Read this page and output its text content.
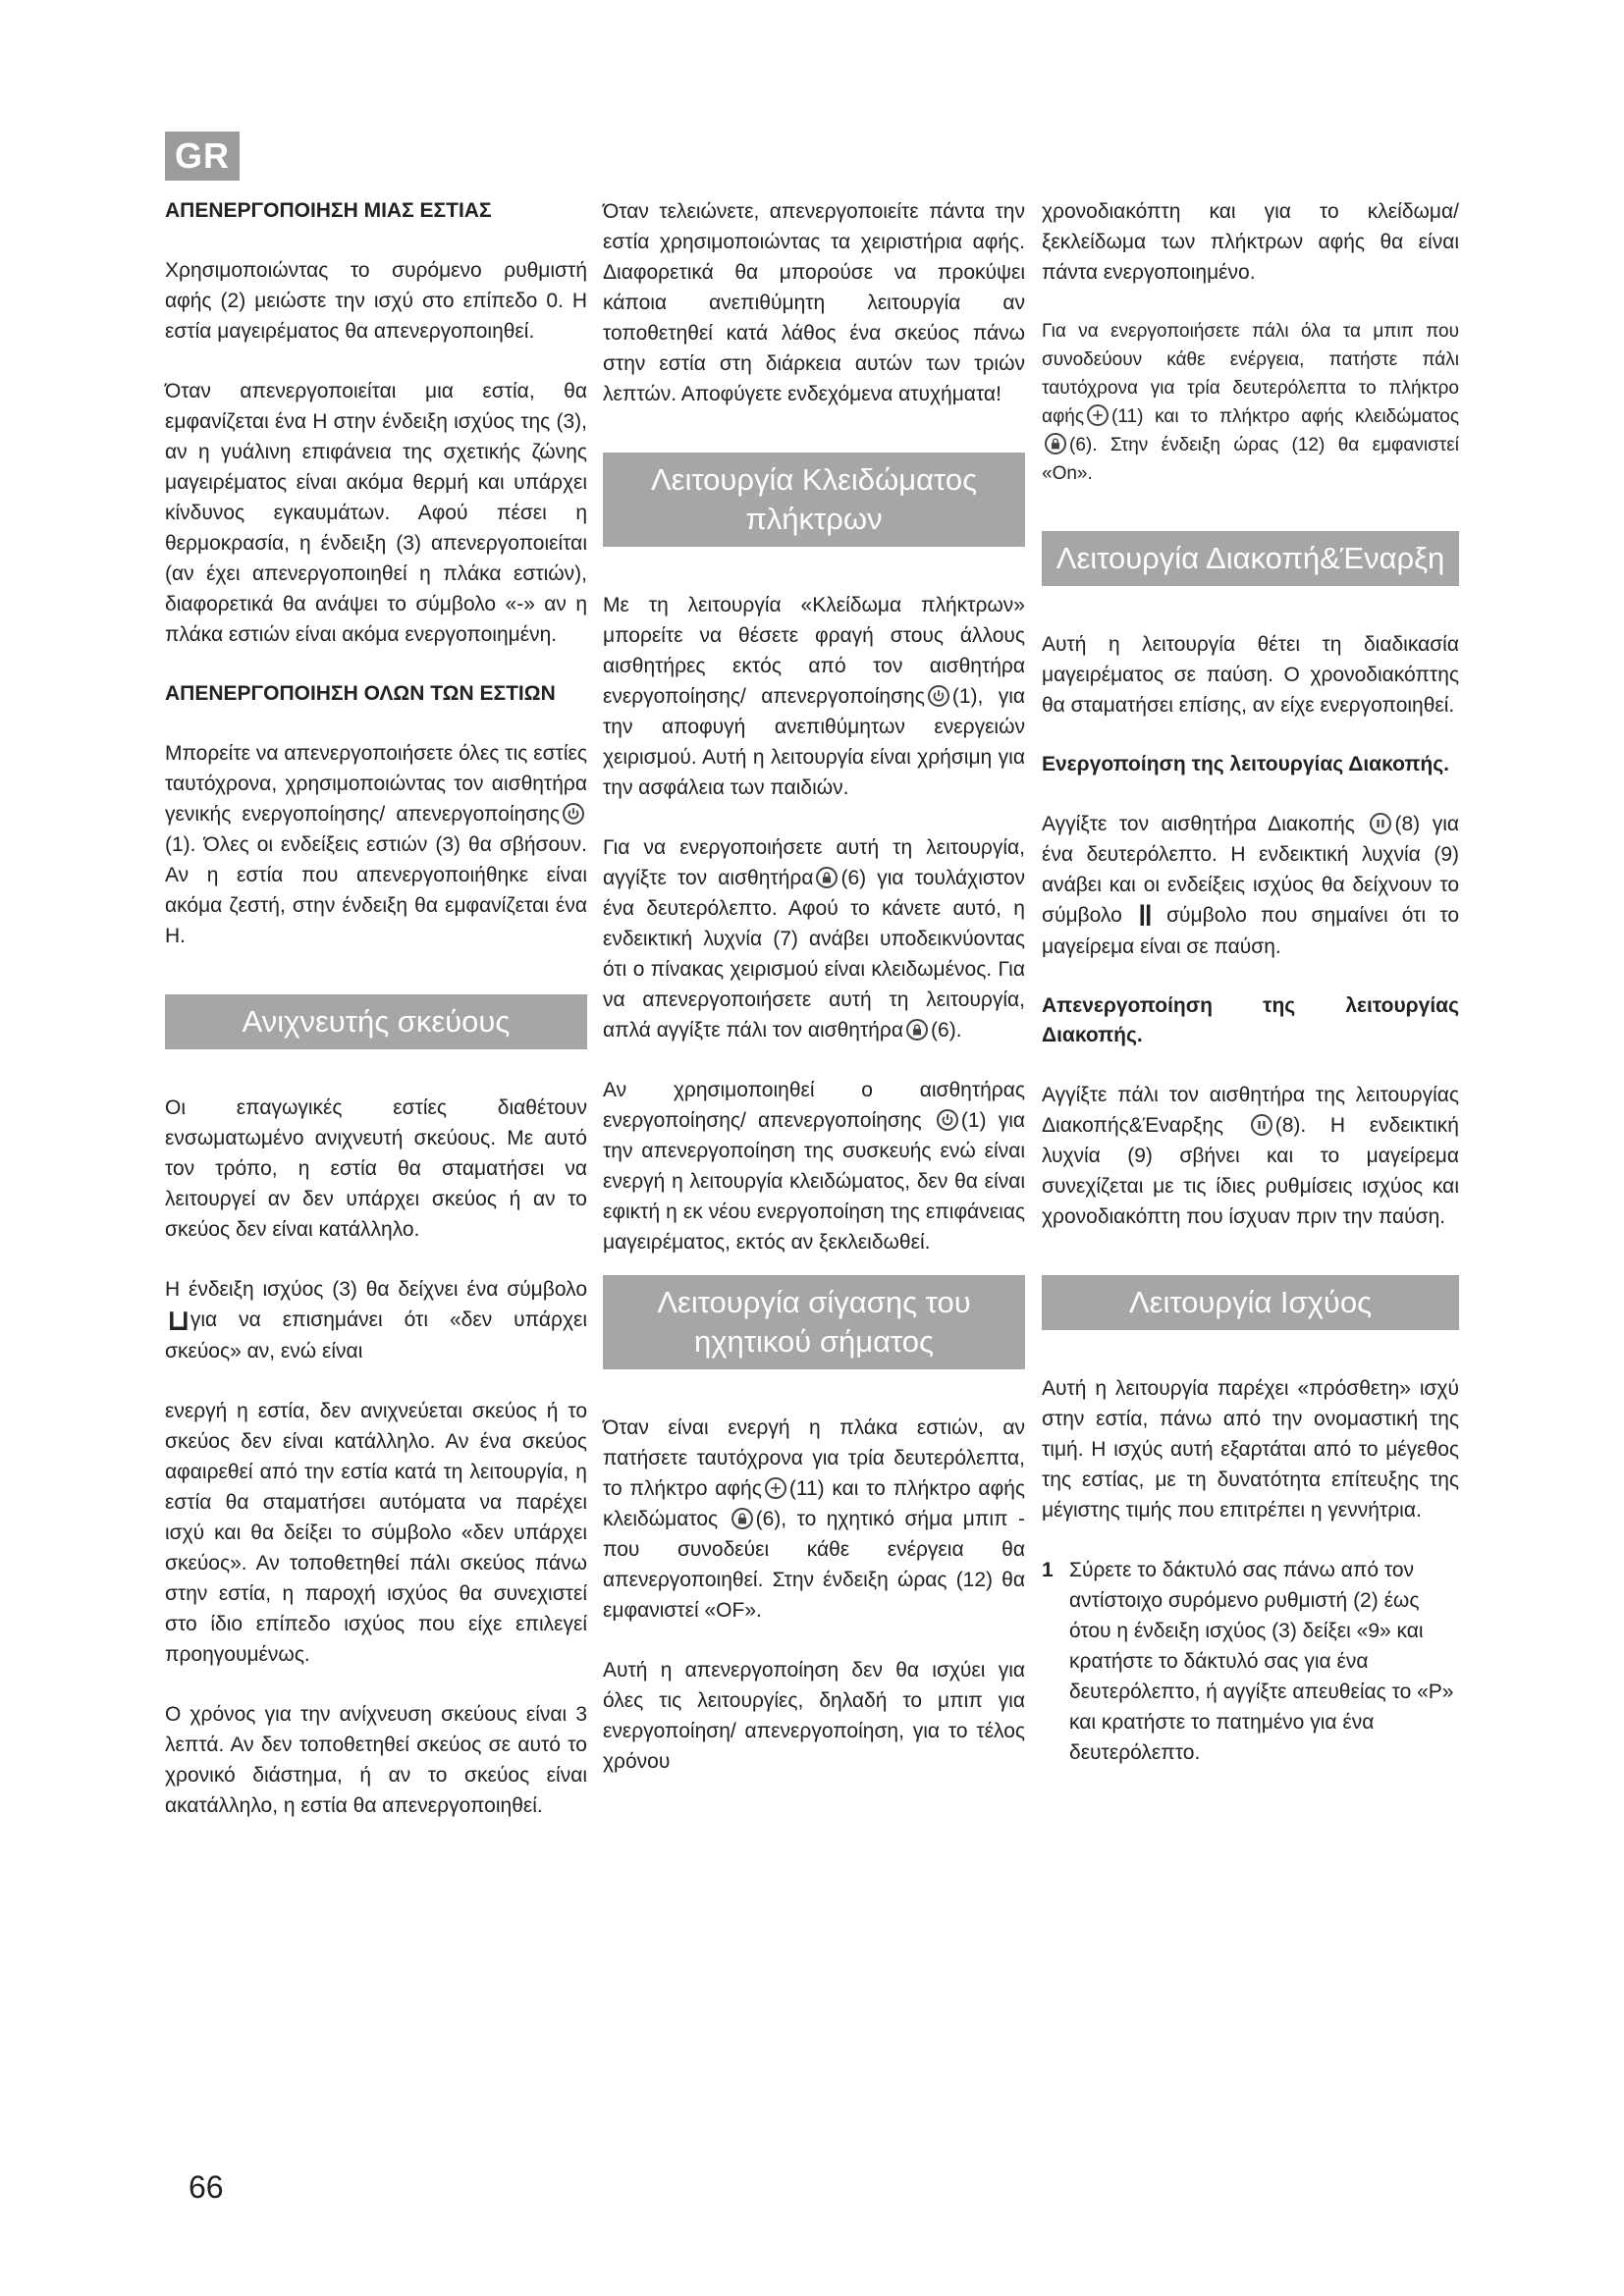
GR

ΑΠΕΝΕΡΓΟΠΟΙΗΣΗ ΜΙΑΣ ΕΣΤΙΑΣ

Χρησιμοποιώντας το συρόμενο ρυθμιστή αφής (2) μειώστε την ισχύ στο επίπεδο 0. Η εστία μαγειρέματος θα απενεργοποιηθεί.

Όταν απενεργοποιείται μια εστία, θα εμφανίζεται ένα H στην ένδειξη ισχύος της (3), αν η γυάλινη επιφάνεια της σχετικής ζώνης μαγειρέματος είναι ακόμα θερμή και υπάρχει κίνδυνος εγκαυμάτων. Αφού πέσει η θερμοκρασία, η ένδειξη (3) απενεργοποιείται (αν έχει απενεργοποιηθεί η πλάκα εστιών), διαφορετικά θα ανάψει το σύμβολο «-» αν η πλάκα εστιών είναι ακόμα ενεργοποιημένη.

ΑΠΕΝΕΡΓΟΠΟΙΗΣΗ ΟΛΩΝ ΤΩΝ ΕΣΤΙΩΝ

Μπορείτε να απενεργοποιήσετε όλες τις εστίες ταυτόχρονα, χρησιμοποιώντας τον αισθητήρα γενικής ενεργοποίησης/ απενεργοποίησης
(1). Όλες οι ενδείξεις εστιών (3) θα σβήσουν. Αν η εστία που απενεργοποιήθηκε είναι ακόμα ζεστή, στην ένδειξη θα εμφανίζεται ένα H.

Ανιχνευτής σκεύους

Οι επαγωγικές εστίες διαθέτουν ενσωματωμένο ανιχνευτή σκεύους. Με αυτό τον τρόπο, η εστία θα σταματήσει να λειτουργεί αν δεν υπάρχει σκεύος ή αν το σκεύος δεν είναι κατάλληλο.

Η ένδειξη ισχύος (3) θα δείχνει ένα σύμβολο⊔για να επισημάνει ότι «δεν υπάρχει σκεύος» αν, ενώ είναι

ενεργή η εστία, δεν ανιχνεύεται σκεύος ή το σκεύος δεν είναι κατάλληλο. Αν ένα σκεύος αφαιρεθεί από την εστία κατά τη λειτουργία, η εστία θα σταματήσει αυτόματα να παρέχει ισχύ και θα δείξει το σύμβολο «δεν υπάρχει σκεύος». Αν τοποθετηθεί πάλι σκεύος πάνω στην εστία, η παροχή ισχύος θα συνεχιστεί στο ίδιο επίπεδο ισχύος που είχε επιλεγεί προηγουμένως.

Ο χρόνος για την ανίχνευση σκεύους είναι 3 λεπτά. Αν δεν τοποθετηθεί σκεύος σε αυτό το χρονικό διάστημα, ή αν το σκεύος είναι ακατάλληλο, η εστία θα απενεργοποιηθεί.

Όταν τελειώνετε, απενεργοποιείτε πάντα την εστία χρησιμοποιώντας τα χειριστήρια αφής. Διαφορετικά θα μπορούσε να προκύψει κάποια ανεπιθύμητη λειτουργία αν τοποθετηθεί κατά λάθος ένα σκεύος πάνω στην εστία στη διάρκεια αυτών των τριών λεπτών. Αποφύγετε ενδεχόμενα ατυχήματα!

Λειτουργία Κλειδώματος πλήκτρων

Με τη λειτουργία «Κλείδωμα πλήκτρων» μπορείτε να θέσετε φραγή στους άλλους αισθητήρες εκτός από τον αισθητήρα ενεργοποίησης/ απενεργοποίησης (1), για την αποφυγή ανεπιθύμητων ενεργειών χειρισμού. Αυτή η λειτουργία είναι χρήσιμη για την ασφάλεια των παιδιών.

Για να ενεργοποιήσετε αυτή τη λειτουργία, αγγίξτε τον αισθητήρα (6) για τουλάχιστον ένα δευτερόλεπτο. Αφού το κάνετε αυτό, η ενδεικτική λυχνία (7) ανάβει υποδεικνύοντας ότι ο πίνακας χειρισμού είναι κλειδωμένος. Για να απενεργοποιήσετε αυτή τη λειτουργία, απλά αγγίξτε πάλι τον αισθητήρα (6).

Αν χρησιμοποιηθεί ο αισθητήρας ενεργοποίησης/ απενεργοποίησης (1) για την απενεργοποίηση της συσκευής ενώ είναι ενεργή η λειτουργία κλειδώματος, δεν θα είναι εφικτή η εκ νέου ενεργοποίηση της επιφάνειας μαγειρέματος, εκτός αν ξεκλειδωθεί.

Λειτουργία σίγασης του ηχητικού σήματος

Όταν είναι ενεργή η πλάκα εστιών, αν πατήσετε ταυτόχρονα για τρία δευτερόλεπτα, το πλήκτρο αφής (11) και το πλήκτρο αφής κλειδώματος (6), το ηχητικό σήμα μπιπ - που συνοδεύει κάθε ενέργεια θα απενεργοποιηθεί. Στην ένδειξη ώρας (12) θα εμφανιστεί «OF».

Αυτή η απενεργοποίηση δεν θα ισχύει για όλες τις λειτουργίες, δηλαδή το μπιπ για ενεργοποίηση/ απενεργοποίηση, για το τέλος χρόνου

χρονοδιακόπτη και για το κλείδωμα/ ξεκλείδωμα των πλήκτρων αφής θα είναι πάντα ενεργοποιημένο.

Για να ενεργοποιήσετε πάλι όλα τα μπιπ που συνοδεύουν κάθε ενέργεια, πατήστε πάλι ταυτόχρονα για τρία δευτερόλεπτα το πλήκτρο αφής (11) και το πλήκτρο αφής κλειδώματος
(6). Στην ένδειξη ώρας (12) θα εμφανιστεί «On».

Λειτουργία Διακοπή&Έναρξη

Αυτή η λειτουργία θέτει τη διαδικασία μαγειρέματος σε παύση. Ο χρονοδιακόπτης θα σταματήσει επίσης, αν είχε ενεργοποιηθεί.

Ενεργοποίηση της λειτουργίας Διακοπής.

Αγγίξτε τον αισθητήρα Διακοπής (8) για ένα δευτερόλεπτο. Η ενδεικτική λυχνία (9) ανάβει και οι ενδείξεις ισχύος θα δείχνουν το σύμβολο ‖ σύμβολο που σημαίνει ότι το μαγείρεμα είναι σε παύση.

Απενεργοποίηση της λειτουργίας Διακοπής.

Αγγίξτε πάλι τον αισθητήρα της λειτουργίας Διακοπής&Έναρξης	(8). Η ενδεικτική λυχνία (9) σβήνει και το μαγείρεμα συνεχίζεται με τις ίδιες ρυθμίσεις ισχύος και χρονοδιακόπτη που ίσχυαν πριν την παύση.

Λειτουργία Ισχύος

Αυτή η λειτουργία παρέχει «πρόσθετη» ισχύ στην εστία, πάνω από την ονομαστική της τιμή. Η ισχύς αυτή εξαρτάται από το μέγεθος της εστίας, με τη δυνατότητα επίτευξης της μέγιστης τιμής που επιτρέπει η γεννήτρια.

1 Σύρετε το δάκτυλό σας πάνω από τον αντίστοιχο συρόμενο ρυθμιστή (2) έως ότου η ένδειξη ισχύος (3) δείξει «9» και κρατήστε το δάκτυλό σας για ένα δευτερόλεπτο, ή αγγίξτε απευθείας το «P» και κρατήστε το πατημένο για ένα δευτερόλεπτο.
66
